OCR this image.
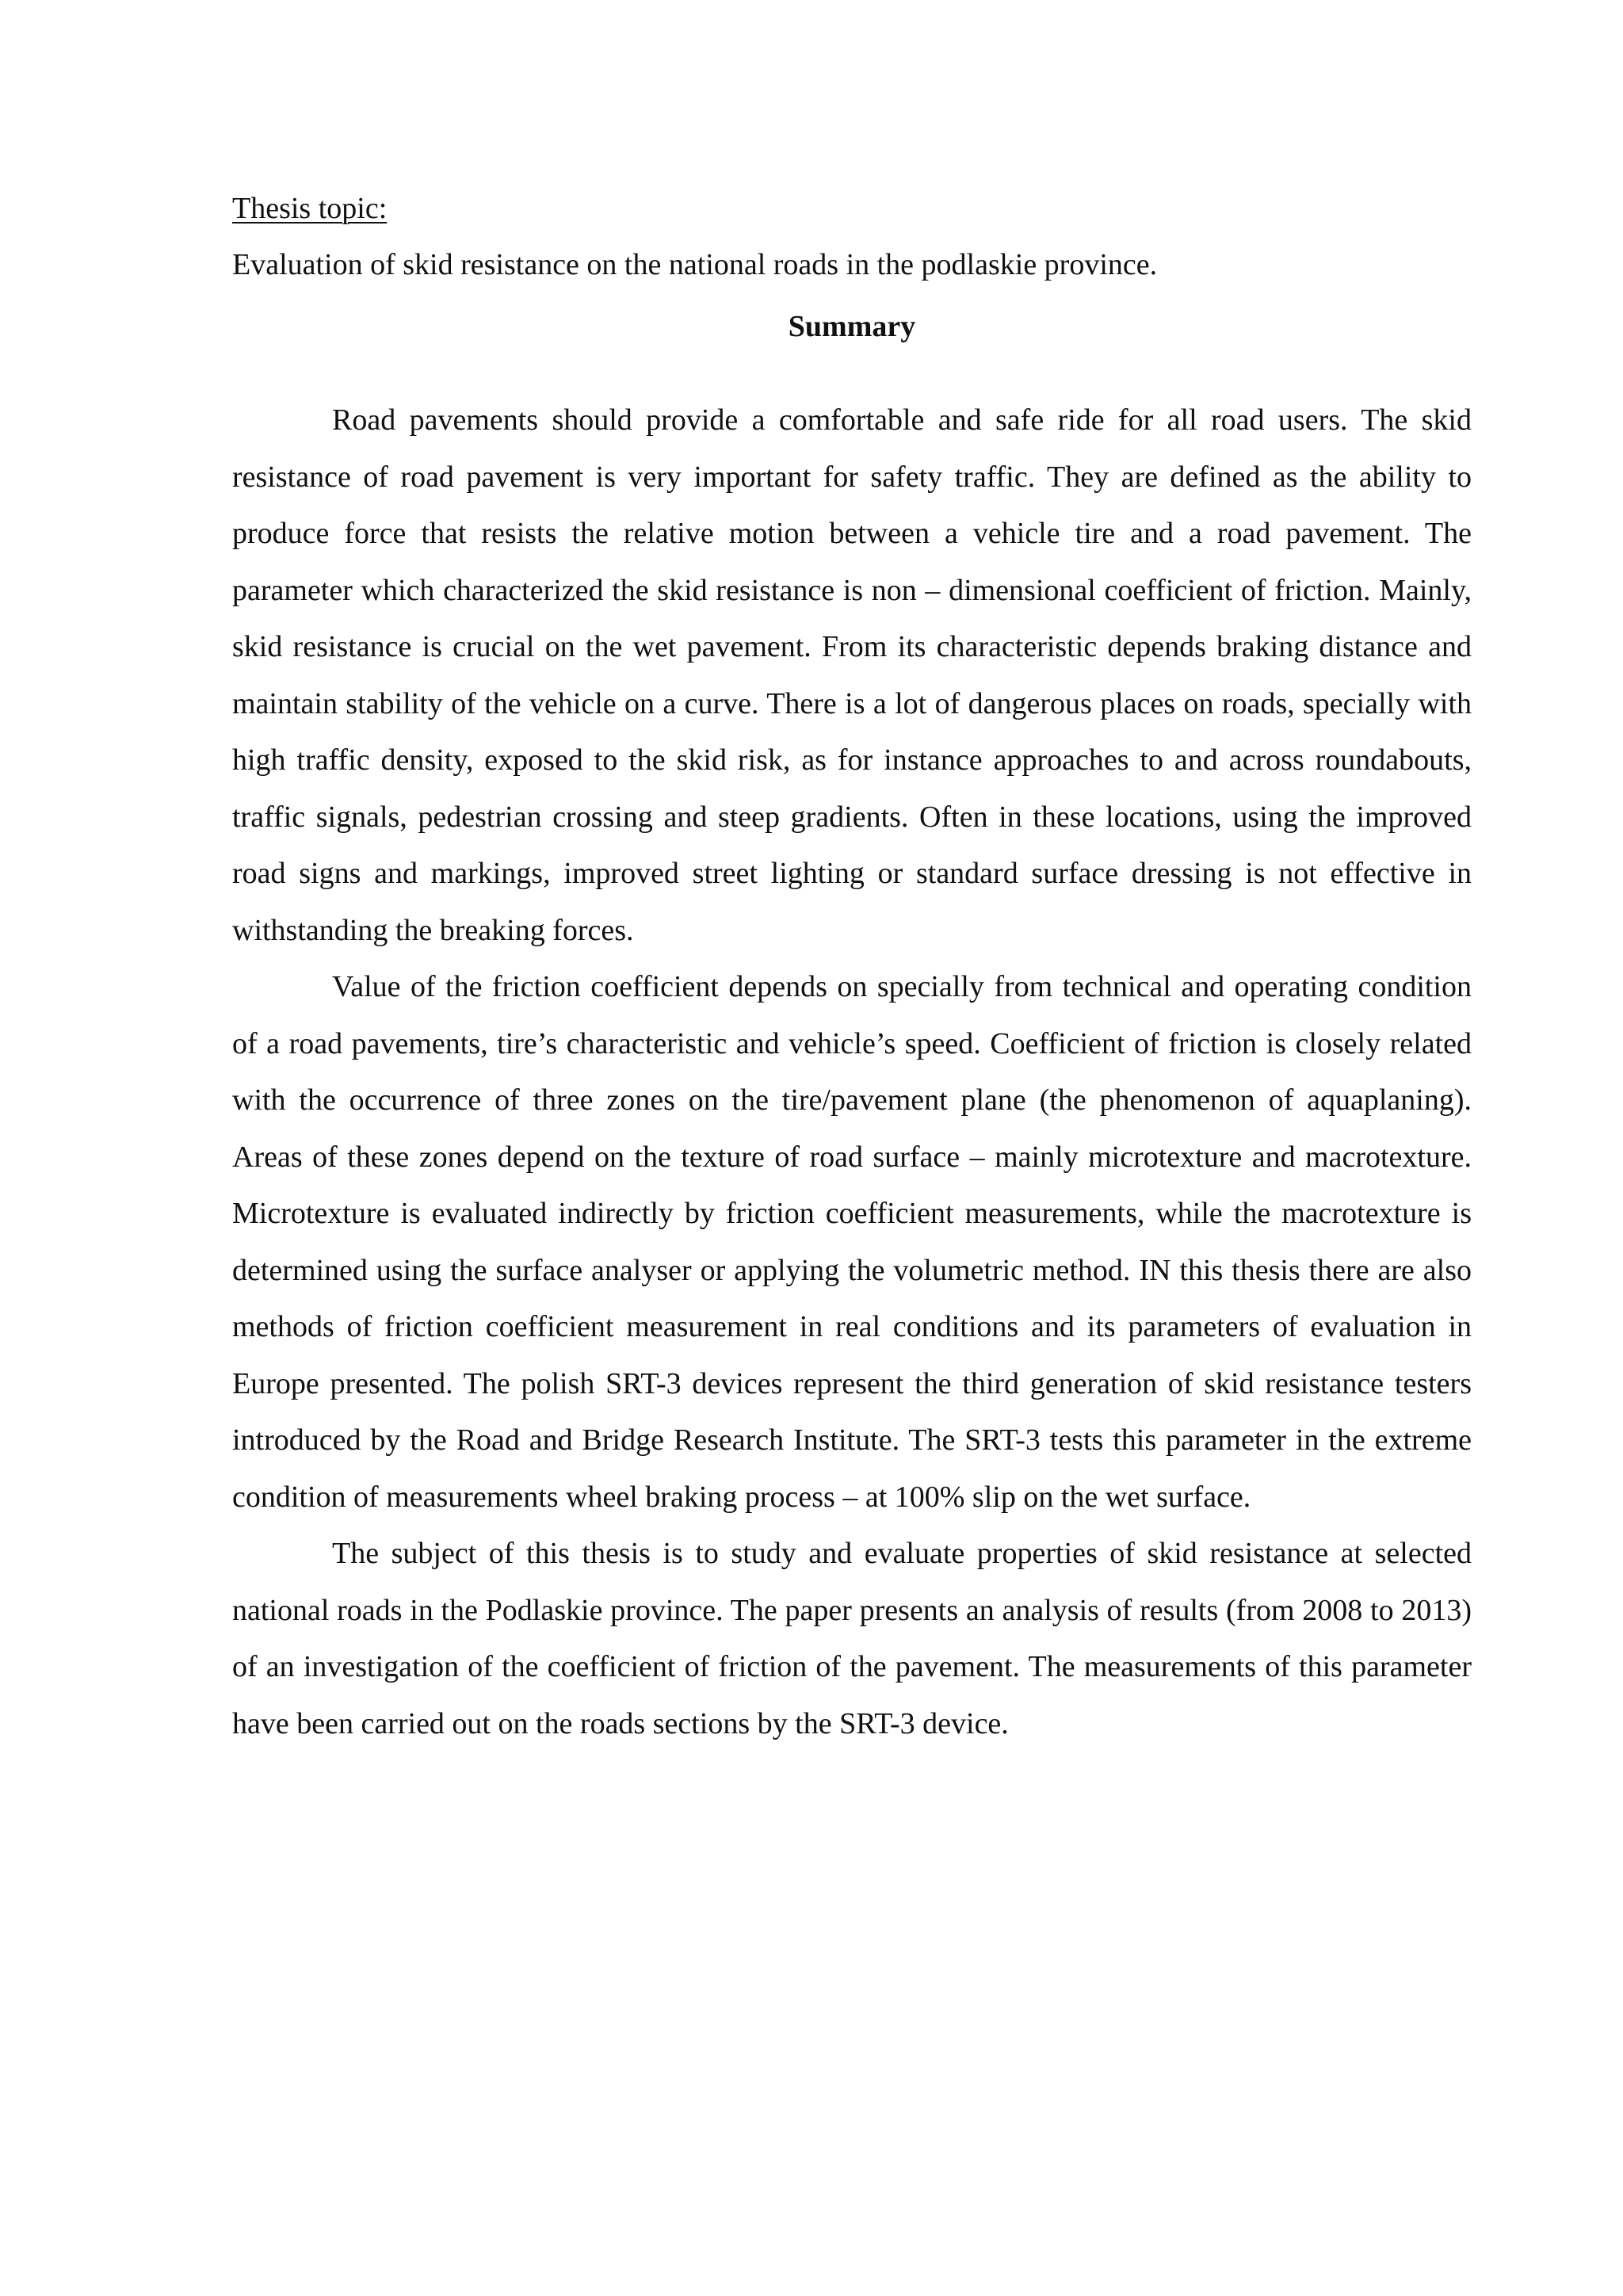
Thesis topic:

Evaluation of skid resistance on the national roads in the podlaskie province.

Summary

Road pavements should provide a comfortable and safe ride for all road users. The skid resistance of road pavement is very important for safety traffic. They are defined as the ability to produce force that resists the relative motion between a vehicle tire and a road pavement. The parameter which characterized the skid resistance is non – dimensional coefficient of friction. Mainly, skid resistance is crucial on the wet pavement. From its characteristic depends braking distance and maintain stability of the vehicle on a curve. There is a lot of dangerous places on roads, specially with high traffic density, exposed to the skid risk, as for instance approaches to and across roundabouts, traffic signals, pedestrian crossing and steep gradients. Often in these locations, using the improved road signs and markings, improved street lighting or standard surface dressing is not effective in withstanding the breaking forces.

Value of the friction coefficient depends on specially from technical and operating condition of a road pavements, tire’s characteristic and vehicle’s speed. Coefficient of friction is closely related with the occurrence of three zones on the tire/pavement plane (the phenomenon of aquaplaning). Areas of these zones depend on the texture of road surface – mainly microtexture and macrotexture. Microtexture is evaluated indirectly by friction coefficient measurements, while the macrotexture is determined using the surface analyser or applying the volumetric method. IN this thesis there are also methods of friction coefficient measurement in real conditions and its parameters of evaluation in Europe presented. The polish SRT-3 devices represent the third generation of skid resistance testers introduced by the Road and Bridge Research Institute. The SRT-3 tests this parameter in the extreme condition of measurements wheel braking process – at 100% slip on the wet surface.

The subject of this thesis is to study and evaluate properties of skid resistance at selected national roads in the Podlaskie province. The paper presents an analysis of results (from 2008 to 2013) of an investigation of the coefficient of friction of the pavement. The measurements of this parameter have been carried out on the roads sections by the SRT-3 device.
